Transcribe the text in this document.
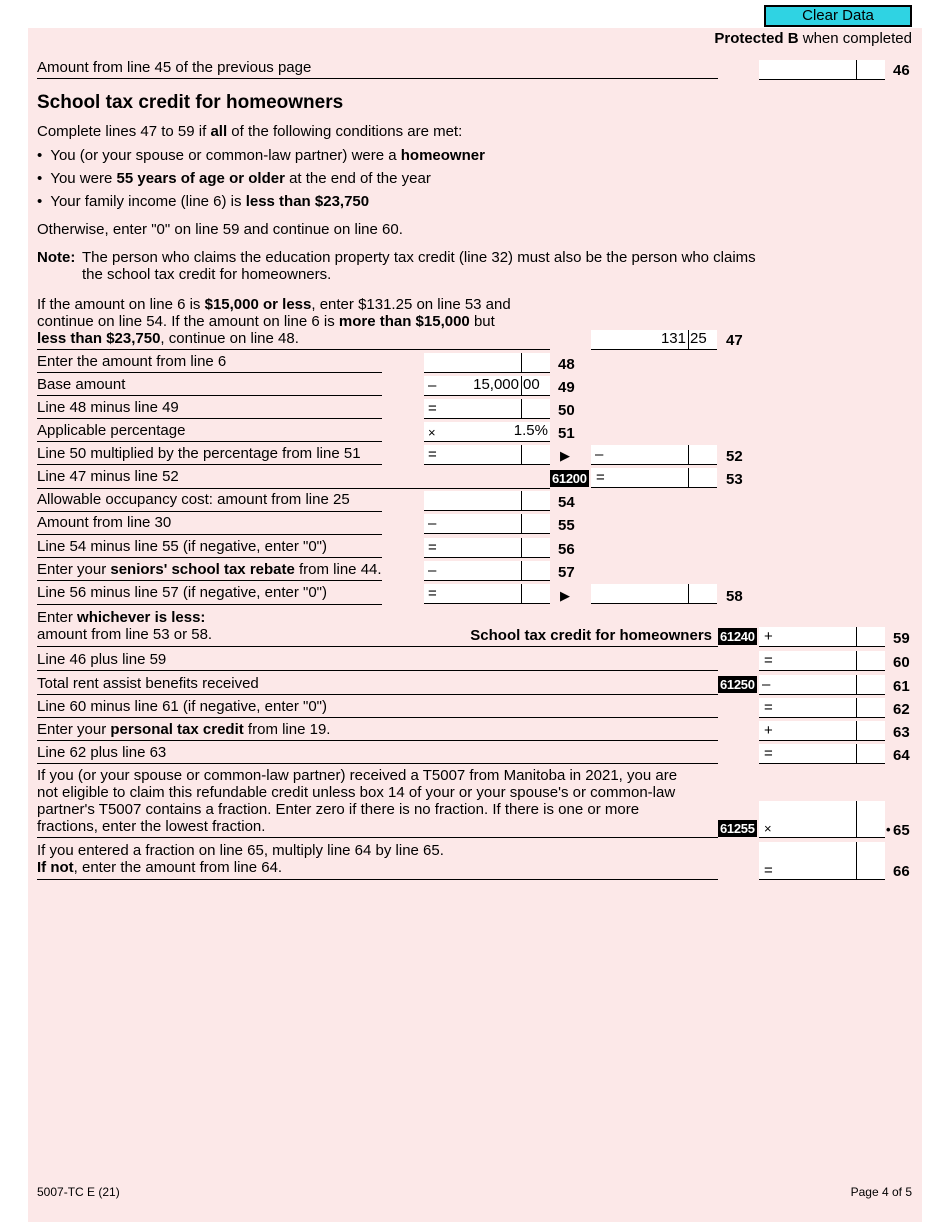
Clear Data
Protected B when completed
Amount from line 45 of the previous page	46
School tax credit for homeowners
Complete lines 47 to 59 if all of the following conditions are met:
•  You (or your spouse or common-law partner) were a homeowner
•  You were 55 years of age or older at the end of the year
•  Your family income (line 6) is less than $23,750
Otherwise, enter "0" on line 59 and continue on line 60.
Note: The person who claims the education property tax credit (line 32) must also be the person who claims
the school tax credit for homeowners.
If the amount on line 6 is $15,000 or less, enter $131.25 on line 53 and
continue on line 54. If the amount on line 6 is more than $15,000 but
less than $23,750, continue on line 48.	131 25 47
Enter the amount from line 6	48
Base amount	–	15,000 00 49
Line 48 minus line 49	=	50
Applicable percentage	×	1.5% 51
Line 50 multiplied by the percentage from line 51	=	▶ –	52
Line 47 minus line 52	61200 =	53
Allowable occupancy cost: amount from line 25	54
Amount from line 30	–	55
Line 54 minus line 55 (if negative, enter "0")	=	56
Enter your seniors' school tax rebate from line 44.	–	57
Line 56 minus line 57 (if negative, enter "0")	=	▶	58
Enter whichever is less:
amount from line 53 or 58.	School tax credit for homeowners 61240 +	59
Line 46 plus line 59	=	60
Total rent assist benefits received	61250 –	61
Line 60 minus line 61 (if negative, enter "0")	=	62
Enter your personal tax credit from line 19.	+	63
Line 62 plus line 63	=	64
If you (or your spouse or common-law partner) received a T5007 from Manitoba in 2021, you are
not eligible to claim this refundable credit unless box 14 of your or your spouse's or common-law
partner's T5007 contains a fraction. Enter zero if there is no fraction. If there is one or more
fractions, enter the lowest fraction.	61255 ×	• 65
If you entered a fraction on line 65, multiply line 64 by line 65.
If not, enter the amount from line 64.	=	66
5007-TC E (21)	Page 4 of 5
